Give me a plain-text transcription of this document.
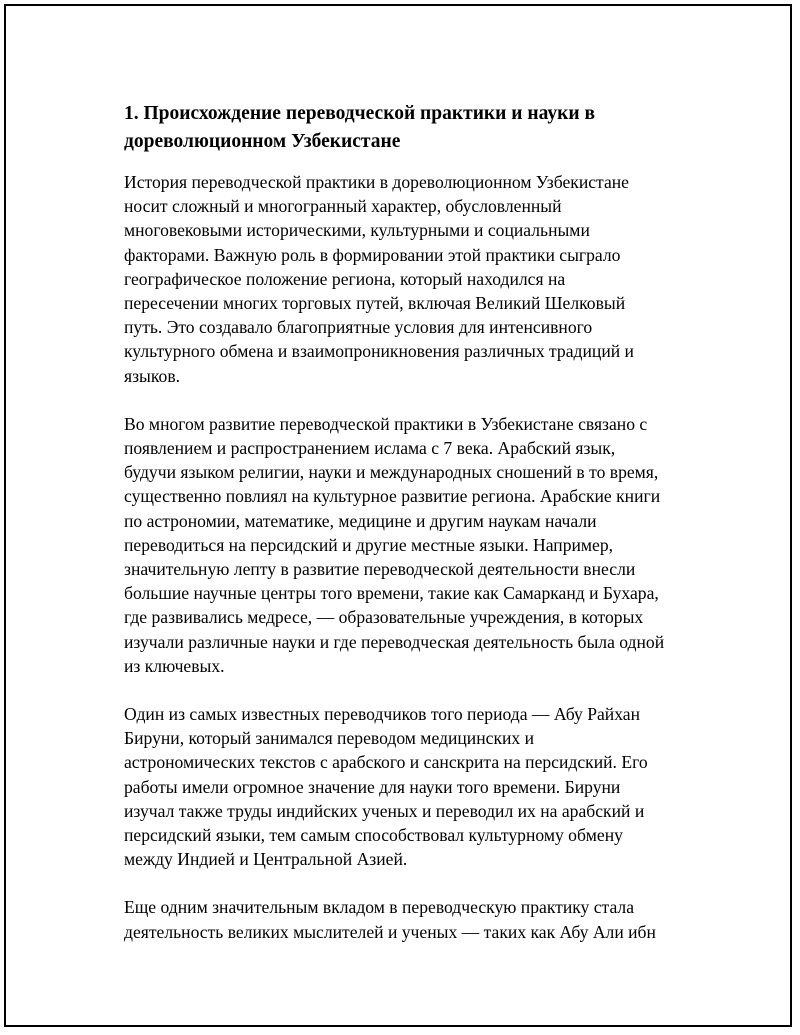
1. Происхождение переводческой практики и науки в
дореволюционном Узбекистане
История переводческой практики в дореволюционном Узбекистане
носит сложный и многогранный характер, обусловленный
многовековыми историческими, культурными и социальными
факторами. Важную роль в формировании этой практики сыграло
географическое положение региона, который находился на
пересечении многих торговых путей, включая Великий Шелковый
путь. Это создавало благоприятные условия для интенсивного
культурного обмена и взаимопроникновения различных традиций и
языков.
Во многом развитие переводческой практики в Узбекистане связано с
появлением и распространением ислама с 7 века. Арабский язык,
будучи языком религии, науки и международных сношений в то время,
существенно повлиял на культурное развитие региона. Арабские книги
по астрономии, математике, медицине и другим наукам начали
переводиться на персидский и другие местные языки. Например,
значительную лепту в развитие переводческой деятельности внесли
большие научные центры того времени, такие как Самарканд и Бухара,
где развивались медресе, — образовательные учреждения, в которых
изучали различные науки и где переводческая деятельность была одной
из ключевых.
Один из самых известных переводчиков того периода — Абу Райхан
Бируни, который занимался переводом медицинских и
астрономических текстов с арабского и санскрита на персидский. Его
работы имели огромное значение для науки того времени. Бируни
изучал также труды индийских ученых и переводил их на арабский и
персидский языки, тем самым способствовал культурному обмену
между Индией и Центральной Азией.
Еще одним значительным вкладом в переводческую практику стала
деятельность великих мыслителей и ученых — таких как Абу Али ибн
